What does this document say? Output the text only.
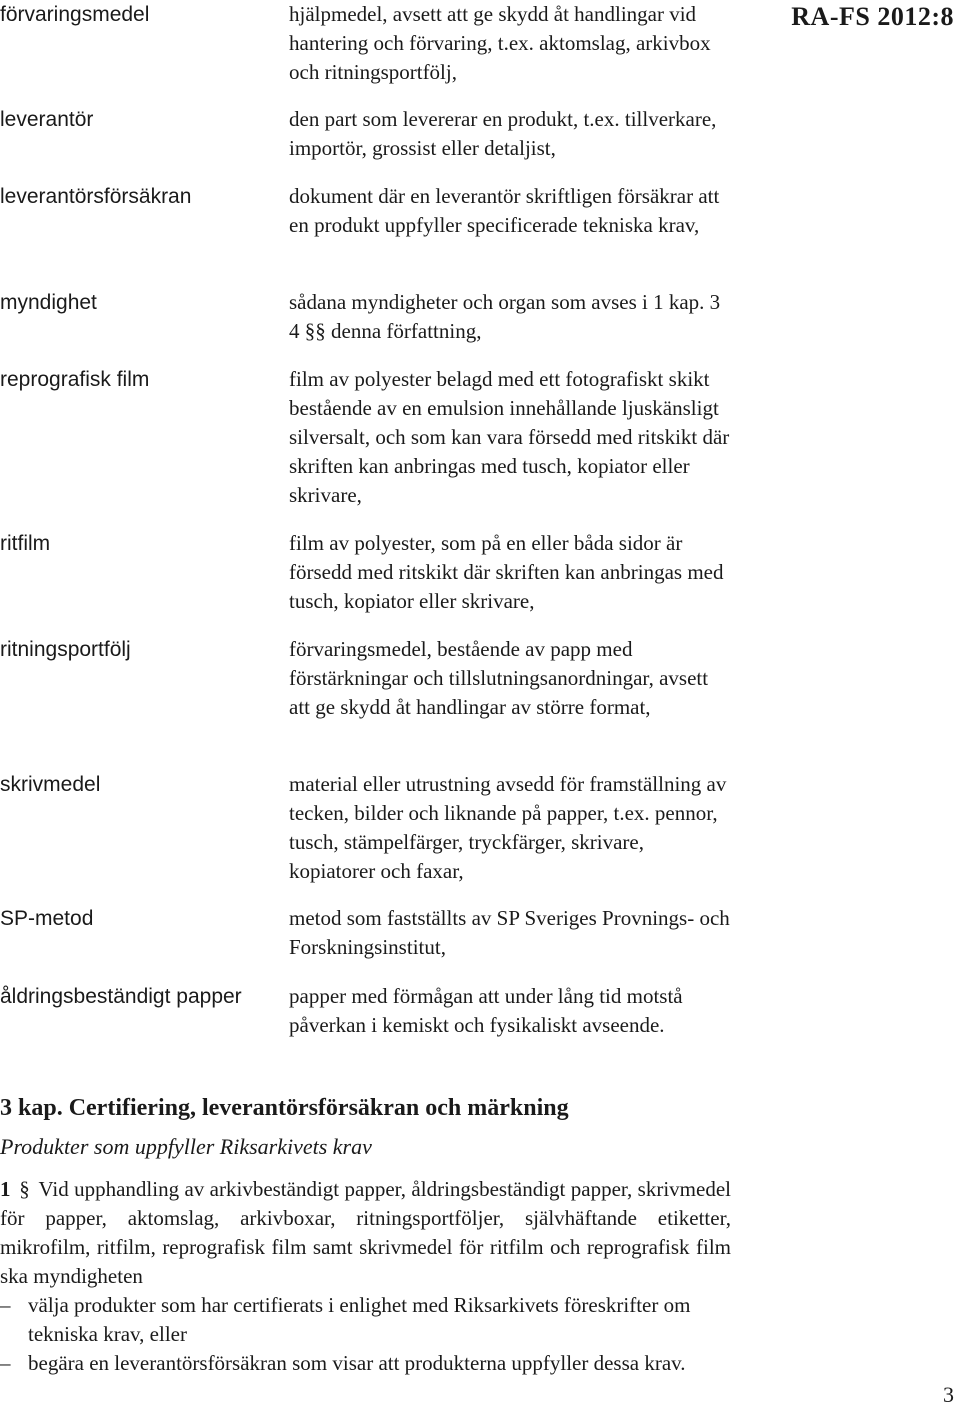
RA-FS 2012:8
förvaringsmedel	hjälpmedel, avsett att ge skydd åt handlingar vid hantering och förvaring, t.ex. aktomslag, arkivbox och ritningsportfölj,
leverantör	den part som levererar en produkt, t.ex. tillverkare, importör, grossist eller detaljist,
leverantörsförsäkran	dokument där en leverantör skriftligen försäkrar att en produkt uppfyller specificerade tekniska krav,
myndighet	sådana myndigheter och organ som avses i 1 kap. 3 4 §§ denna författning,
reprografisk film	film av polyester belagd med ett fotografiskt skikt bestående av en emulsion innehållande ljuskänsligt silversalt, och som kan vara försedd med ritskikt där skriften kan anbringas med tusch, kopiator eller skrivare,
ritfilm	film av polyester, som på en eller båda sidor är försedd med ritskikt där skriften kan anbringas med tusch, kopiator eller skrivare,
ritningsportfölj	förvaringsmedel, bestående av papp med förstärkningar och tillslutningsanordningar, avsett att ge skydd åt handlingar av större format,
skrivmedel	material eller utrustning avsedd för framställning av tecken, bilder och liknande på papper, t.ex. pennor, tusch, stämpelfärger, tryckfärger, skrivare, kopiatorer och faxar,
SP-metod	metod som fastställts av SP Sveriges Provnings- och Forskningsinstitut,
åldringsbeständigt papper	papper med förmågan att under lång tid motstå påverkan i kemiskt och fysikaliskt avseende.
3 kap. Certifiering, leverantörsförsäkran och märkning
Produkter som uppfyller Riksarkivets krav
1 § Vid upphandling av arkivbeständigt papper, åldringsbeständigt papper, skrivmedel för papper, aktomslag, arkivboxar, ritningsportföljer, självhäftande etiketter, mikrofilm, ritfilm, reprografisk film samt skrivmedel för ritfilm och reprografisk film ska myndigheten
– välja produkter som har certifierats i enlighet med Riksarkivets föreskrifter om tekniska krav, eller
– begära en leverantörsförsäkran som visar att produkterna uppfyller dessa krav.
3
